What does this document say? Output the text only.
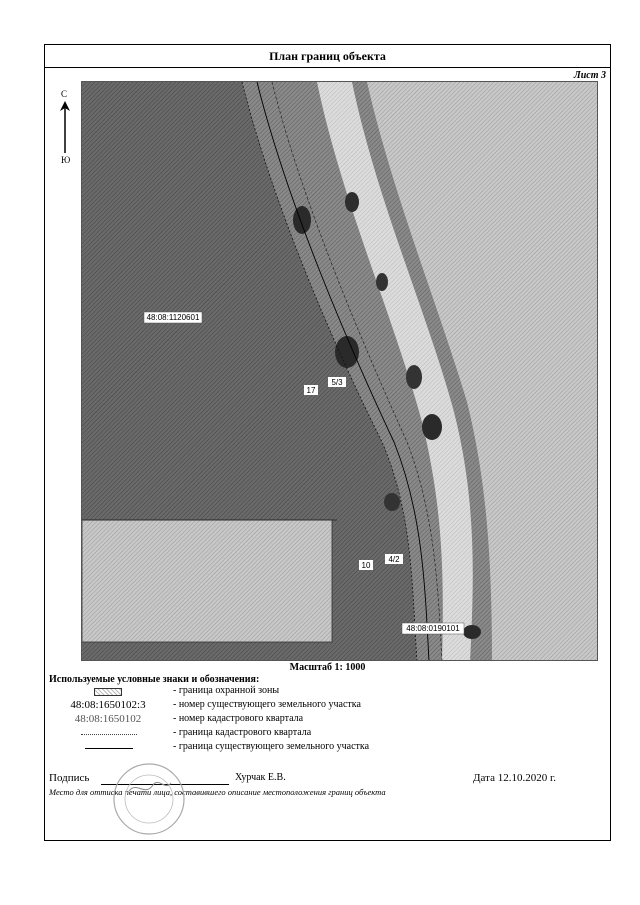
План границ объекта
Лист 3
С
Ю
48:08:1120601
48:08:0190101
17
5/3
10
4/2
Масштаб 1: 1000
Используемые условные знаки и обозначения:
- граница охранной зоны
48:08:1650102:3	- номер существующего земельного участка
48:08:1650102	- номер кадастрового квартала
- граница кадастрового квартала
- граница существующего земельного участка
Подпись	Хурчак Е.В.	Дата 12.10.2020 г.
Место для оттиска печати лица, составившего описание местоположения границ объекта
